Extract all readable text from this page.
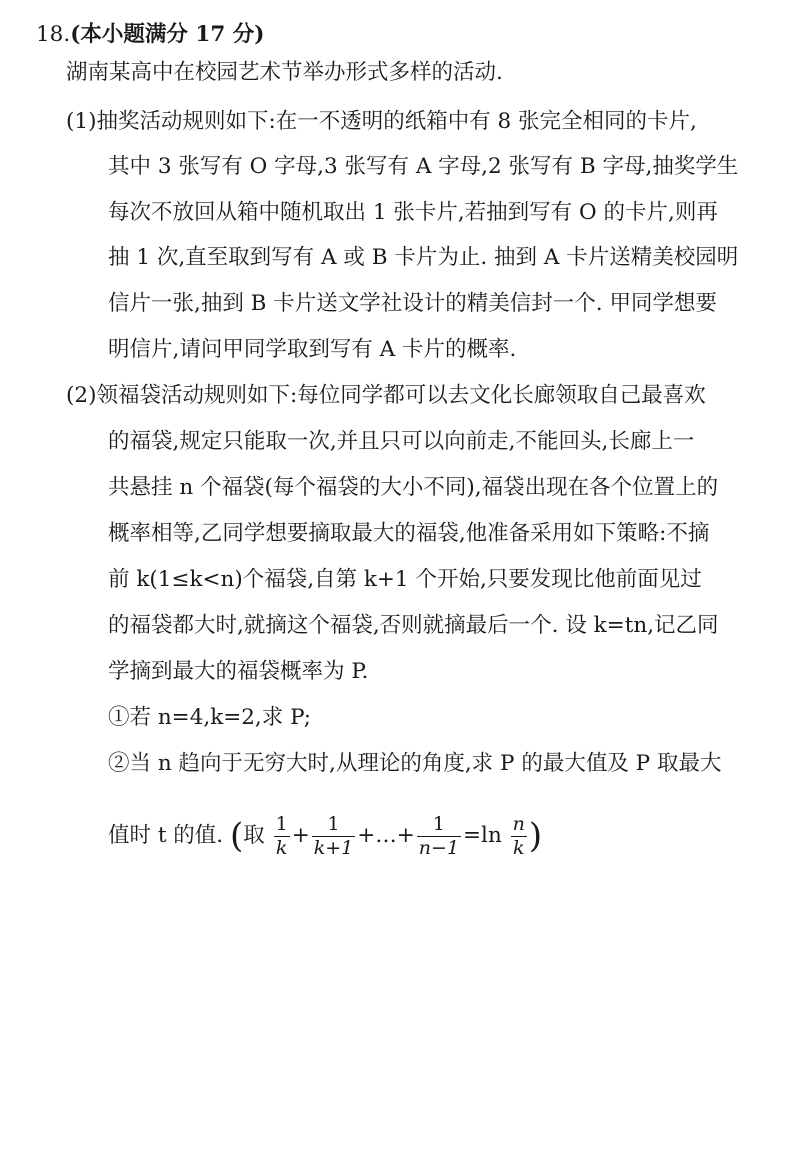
18.(本小题满分 17 分)
湖南某高中在校园艺术节举办形式多样的活动.
(1)抽奖活动规则如下:在一不透明的纸箱中有 8 张完全相同的卡片,
其中 3 张写有 O 字母,3 张写有 A 字母,2 张写有 B 字母,抽奖学生
每次不放回从箱中随机取出 1 张卡片,若抽到写有 O 的卡片,则再
抽 1 次,直至取到写有 A 或 B 卡片为止. 抽到 A 卡片送精美校园明
信片一张,抽到 B 卡片送文学社设计的精美信封一个. 甲同学想要
明信片,请问甲同学取到写有 A 卡片的概率.
(2)领福袋活动规则如下:每位同学都可以去文化长廊领取自己最喜欢
的福袋,规定只能取一次,并且只可以向前走,不能回头,长廊上一
共悬挂 n 个福袋(每个福袋的大小不同),福袋出现在各个位置上的
概率相等,乙同学想要摘取最大的福袋,他准备采用如下策略:不摘
前 k(1≤k<n)个福袋,自第 k+1 个开始,只要发现比他前面见过
的福袋都大时,就摘这个福袋,否则就摘最后一个. 设 k=tn,记乙同
学摘到最大的福袋概率为 P.
①若 n=4,k=2,求 P;
②当 n 趋向于无穷大时,从理论的角度,求 P 的最大值及 P 取最大
值时 t 的值. (取 $\frac{1}{k} + \frac{1}{k+1}$ +…+ $\frac{1}{n-1} =\ln \frac{n}{k}$ )
